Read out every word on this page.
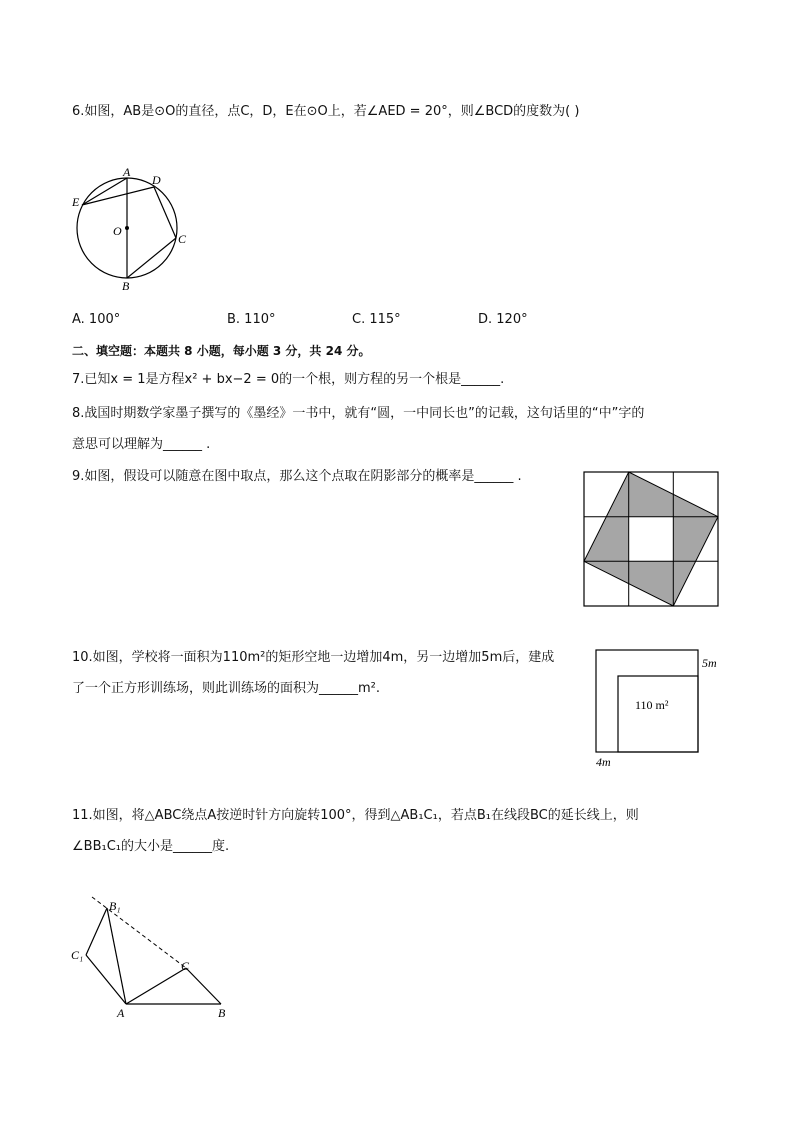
6.如图，AB是⊙O的直径，点C，D，E在⊙O上，若∠AED = 20°，则∠BCD的度数为( )
A
D
E
O
C
B
A. 100°	B. 110°	C. 115°	D. 120°
二、填空题：本题共 8 小题，每小题 3 分，共 24 分。
7.已知x = 1是方程x² + bx−2 = 0的一个根，则方程的另一个根是______.
8.战国时期数学家墨子撰写的《墨经》一书中，就有“圆，一中同长也”的记载，这句话里的“中”字的
意思可以理解为______ .
9.如图，假设可以随意在图中取点，那么这个点取在阴影部分的概率是______ .
10.如图，学校将一面积为110m²的矩形空地一边增加4m，另一边增加5m后，建成
了一个正方形训练场，则此训练场的面积为______m².
110 m²
5m
4m
11.如图，将△ABC绕点A按逆时针方向旋转100°，得到△AB₁C₁，若点B₁在线段BC的延长线上，则
∠BB₁C₁的大小是______度.
B₁
C₁
C
A	B
